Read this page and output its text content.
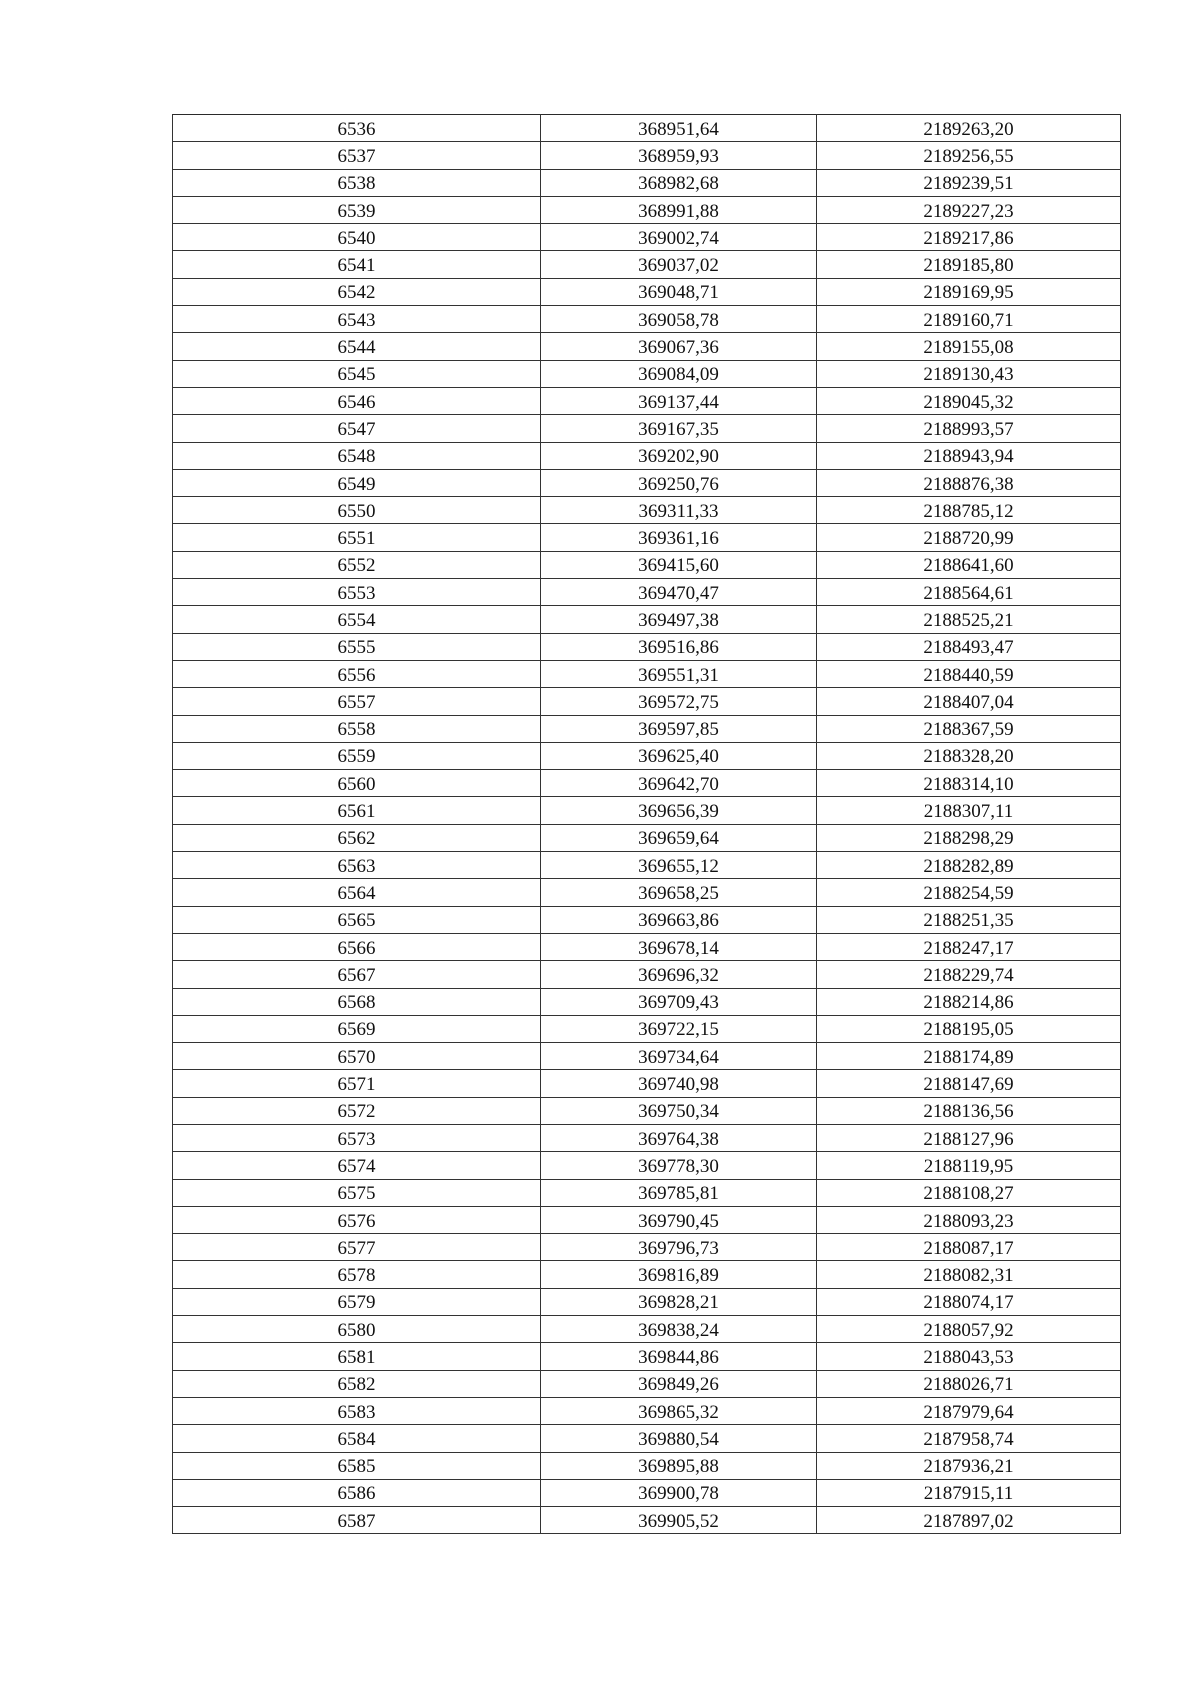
6536	368951,64	2189263,20
6537	368959,93	2189256,55
6538	368982,68	2189239,51
6539	368991,88	2189227,23
6540	369002,74	2189217,86
6541	369037,02	2189185,80
6542	369048,71	2189169,95
6543	369058,78	2189160,71
6544	369067,36	2189155,08
6545	369084,09	2189130,43
6546	369137,44	2189045,32
6547	369167,35	2188993,57
6548	369202,90	2188943,94
6549	369250,76	2188876,38
6550	369311,33	2188785,12
6551	369361,16	2188720,99
6552	369415,60	2188641,60
6553	369470,47	2188564,61
6554	369497,38	2188525,21
6555	369516,86	2188493,47
6556	369551,31	2188440,59
6557	369572,75	2188407,04
6558	369597,85	2188367,59
6559	369625,40	2188328,20
6560	369642,70	2188314,10
6561	369656,39	2188307,11
6562	369659,64	2188298,29
6563	369655,12	2188282,89
6564	369658,25	2188254,59
6565	369663,86	2188251,35
6566	369678,14	2188247,17
6567	369696,32	2188229,74
6568	369709,43	2188214,86
6569	369722,15	2188195,05
6570	369734,64	2188174,89
6571	369740,98	2188147,69
6572	369750,34	2188136,56
6573	369764,38	2188127,96
6574	369778,30	2188119,95
6575	369785,81	2188108,27
6576	369790,45	2188093,23
6577	369796,73	2188087,17
6578	369816,89	2188082,31
6579	369828,21	2188074,17
6580	369838,24	2188057,92
6581	369844,86	2188043,53
6582	369849,26	2188026,71
6583	369865,32	2187979,64
6584	369880,54	2187958,74
6585	369895,88	2187936,21
6586	369900,78	2187915,11
6587	369905,52	2187897,02
